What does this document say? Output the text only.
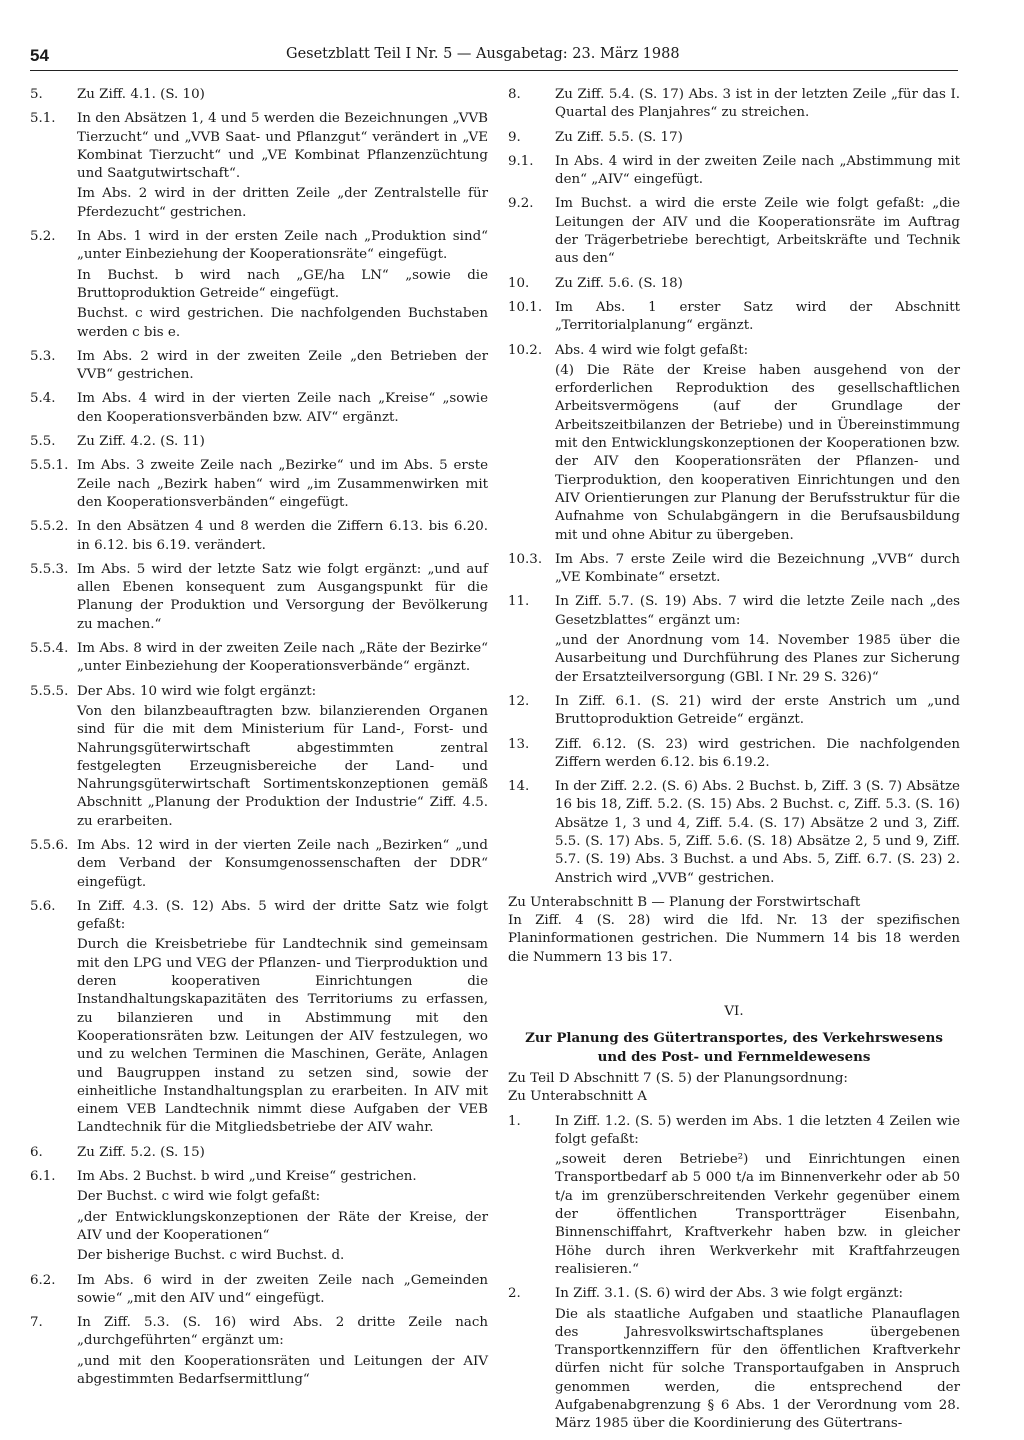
54	Gesetzblatt Teil I Nr. 5 — Ausgabetag: 23. März 1988
5.	Zu Ziff. 4.1. (S. 10)

5.1.	In den Absätzen 1, 4 und 5 werden die Bezeichnungen „VVB Tierzucht“ und „VVB Saat- und Pflanzgut“ verändert in „VE Kombinat Tierzucht“ und „VE Kombinat Pflanzenzüchtung und Saatgutwirtschaft“.

Im Abs. 2 wird in der dritten Zeile „der Zentralstelle für Pferdezucht“ gestrichen.

5.2.	In Abs. 1 wird in der ersten Zeile nach „Produktion sind“ „unter Einbeziehung der Kooperationsräte“ eingefügt.

In Buchst. b wird nach „GE/ha LN“ „sowie die Bruttoproduktion Getreide“ eingefügt.

Buchst. c wird gestrichen. Die nachfolgenden Buchstaben werden c bis e.

5.3.	Im Abs. 2 wird in der zweiten Zeile „den Betrieben der VVB“ gestrichen.

5.4.	Im Abs. 4 wird in der vierten Zeile nach „Kreise“ „sowie den Kooperationsverbänden bzw. AIV“ ergänzt.

5.5.	Zu Ziff. 4.2. (S. 11)

5.5.1. Im Abs. 3 zweite Zeile nach „Bezirke“ und im Abs. 5 erste Zeile nach „Bezirk haben“ wird „im Zusammenwirken mit den Kooperationsverbänden“ eingefügt.

5.5.2. In den Absätzen 4 und 8 werden die Ziffern 6.13. bis 6.20. in 6.12. bis 6.19. verändert.

5.5.3. Im Abs. 5 wird der letzte Satz wie folgt ergänzt: „und auf allen Ebenen konsequent zum Ausgangspunkt für die Planung der Produktion und Versorgung der Bevölkerung zu machen.“

5.5.4. Im Abs. 8 wird in der zweiten Zeile nach „Räte der Bezirke“ „unter Einbeziehung der Kooperationsverbände“ ergänzt.

5.5.5. Der Abs. 10 wird wie folgt ergänzt:

Von den bilanzbeauftragten bzw. bilanzierenden Organen sind für die mit dem Ministerium für Land-, Forst- und Nahrungsgüterwirtschaft abgestimmten zentral festgelegten Erzeugnisbereiche der Land- und Nahrungsgüterwirtschaft Sortimentskonzeptionen gemäß Abschnitt „Planung der Produktion der Industrie“ Ziff. 4.5. zu erarbeiten.

5.5.6. Im Abs. 12 wird in der vierten Zeile nach „Bezirken“ „und dem Verband der Konsumgenossenschaften der DDR“ eingefügt.

5.6.	In Ziff. 4.3. (S. 12) Abs. 5 wird der dritte Satz wie folgt gefaßt:

Durch die Kreisbetriebe für Landtechnik sind gemeinsam mit den LPG und VEG der Pflanzen- und Tierproduktion und deren kooperativen Einrichtungen die Instandhaltungskapazitäten des Territoriums zu erfassen, zu bilanzieren und in Abstimmung mit den Kooperationsräten bzw. Leitungen der AIV festzulegen, wo und zu welchen Terminen die Maschinen, Geräte, Anlagen und Baugruppen instand zu setzen sind, sowie der einheitliche Instandhaltungsplan zu erarbeiten. In AIV mit einem VEB Landtechnik nimmt diese Aufgaben der VEB Landtechnik für die Mitgliedsbetriebe der AIV wahr.

6.	Zu Ziff. 5.2. (S. 15)

6.1.	Im Abs. 2 Buchst. b wird „und Kreise“ gestrichen.

Der Buchst. c wird wie folgt gefaßt:

„der Entwicklungskonzeptionen der Räte der Kreise, der AIV und der Kooperationen“

Der bisherige Buchst. c wird Buchst. d.

6.2.	Im Abs. 6 wird in der zweiten Zeile nach „Gemeinden sowie“ „mit den AIV und“ eingefügt.

7.	In Ziff. 5.3. (S. 16) wird Abs. 2 dritte Zeile nach „durchgeführten“ ergänzt um:

„und mit den Kooperationsräten und Leitungen der AIV abgestimmten Bedarfsermittlung“

8.	Zu Ziff. 5.4. (S. 17) Abs. 3 ist in der letzten Zeile „für das I. Quartal des Planjahres“ zu streichen.

9.	Zu Ziff. 5.5. (S. 17)

9.1.	In Abs. 4 wird in der zweiten Zeile nach „Abstimmung mit den“ „AIV“ eingefügt.

9.2.	Im Buchst. a wird die erste Zeile wie folgt gefaßt: „die Leitungen der AIV und die Kooperationsräte im Auftrag der Trägerbetriebe berechtigt, Arbeitskräfte und Technik aus den“

10.	Zu Ziff. 5.6. (S. 18)

10.1. Im Abs. 1 erster Satz wird der Abschnitt „Territorialplanung“ ergänzt.

10.2. Abs. 4 wird wie folgt gefaßt:

(4) Die Räte der Kreise haben ausgehend von der erforderlichen Reproduktion des gesellschaftlichen Arbeitsvermögens (auf der Grundlage der Arbeitszeitbilanzen der Betriebe) und in Übereinstimmung mit den Entwicklungskonzeptionen der Kooperationen bzw. der AIV den Kooperationsräten der Pflanzen- und Tierproduktion, den kooperativen Einrichtungen und den AIV Orientierungen zur Planung der Berufsstruktur für die Aufnahme von Schulabgängern in die Berufsausbildung mit und ohne Abitur zu übergeben.

10.3. Im Abs. 7 erste Zeile wird die Bezeichnung „VVB“ durch „VE Kombinate“ ersetzt.

11.	In Ziff. 5.7. (S. 19) Abs. 7 wird die letzte Zeile nach „des Gesetzblattes“ ergänzt um:

„und der Anordnung vom 14. November 1985 über die Ausarbeitung und Durchführung des Planes zur Sicherung der Ersatzteilversorgung (GBl. I Nr. 29 S. 326)“

12.	In Ziff. 6.1. (S. 21) wird der erste Anstrich um „und Bruttoproduktion Getreide“ ergänzt.

13.	Ziff. 6.12. (S. 23) wird gestrichen. Die nachfolgenden Ziffern werden 6.12. bis 6.19.2.

14.	In der Ziff. 2.2. (S. 6) Abs. 2 Buchst. b, Ziff. 3 (S. 7) Absätze 16 bis 18, Ziff. 5.2. (S. 15) Abs. 2 Buchst. c, Ziff. 5.3. (S. 16) Absätze 1, 3 und 4, Ziff. 5.4. (S. 17) Absätze 2 und 3, Ziff. 5.5. (S. 17) Abs. 5, Ziff. 5.6. (S. 18) Absätze 2, 5 und 9, Ziff. 5.7. (S. 19) Abs. 3 Buchst. a und Abs. 5, Ziff. 6.7. (S. 23) 2. Anstrich wird „VVB“ gestrichen.

Zu Unterabschnitt B — Planung der Forstwirtschaft

In Ziff. 4 (S. 28) wird die lfd. Nr. 13 der spezifischen Planinformationen gestrichen. Die Nummern 14 bis 18 werden die Nummern 13 bis 17.

VI.

Zur Planung des Gütertransportes, des Verkehrswesens
und des Post- und Fernmeldewesens

Zu Teil D Abschnitt 7 (S. 5) der Planungsordnung:

Zu Unterabschnitt A

1.	In Ziff. 1.2. (S. 5) werden im Abs. 1 die letzten 4 Zeilen wie folgt gefaßt:

„soweit deren Betriebe²) und Einrichtungen einen Transportbedarf ab 5 000 t/a im Binnenverkehr oder ab 50 t/a im grenzüberschreitenden Verkehr gegenüber einem der öffentlichen Transportträger Eisenbahn, Binnenschiffahrt, Kraftverkehr haben bzw. in gleicher Höhe durch ihren Werkverkehr mit Kraftfahrzeugen realisieren.“

2.	In Ziff. 3.1. (S. 6) wird der Abs. 3 wie folgt ergänzt:

Die als staatliche Aufgaben und staatliche Planauflagen des Jahresvolkswirtschaftsplanes übergebenen Transportkennziffern für den öffentlichen Kraftverkehr dürfen nicht für solche Transportaufgaben in Anspruch genommen werden, die entsprechend der Aufgabenabgrenzung § 6 Abs. 1 der Verordnung vom 28. März 1985 über die Koordinierung des Gütertrans-
